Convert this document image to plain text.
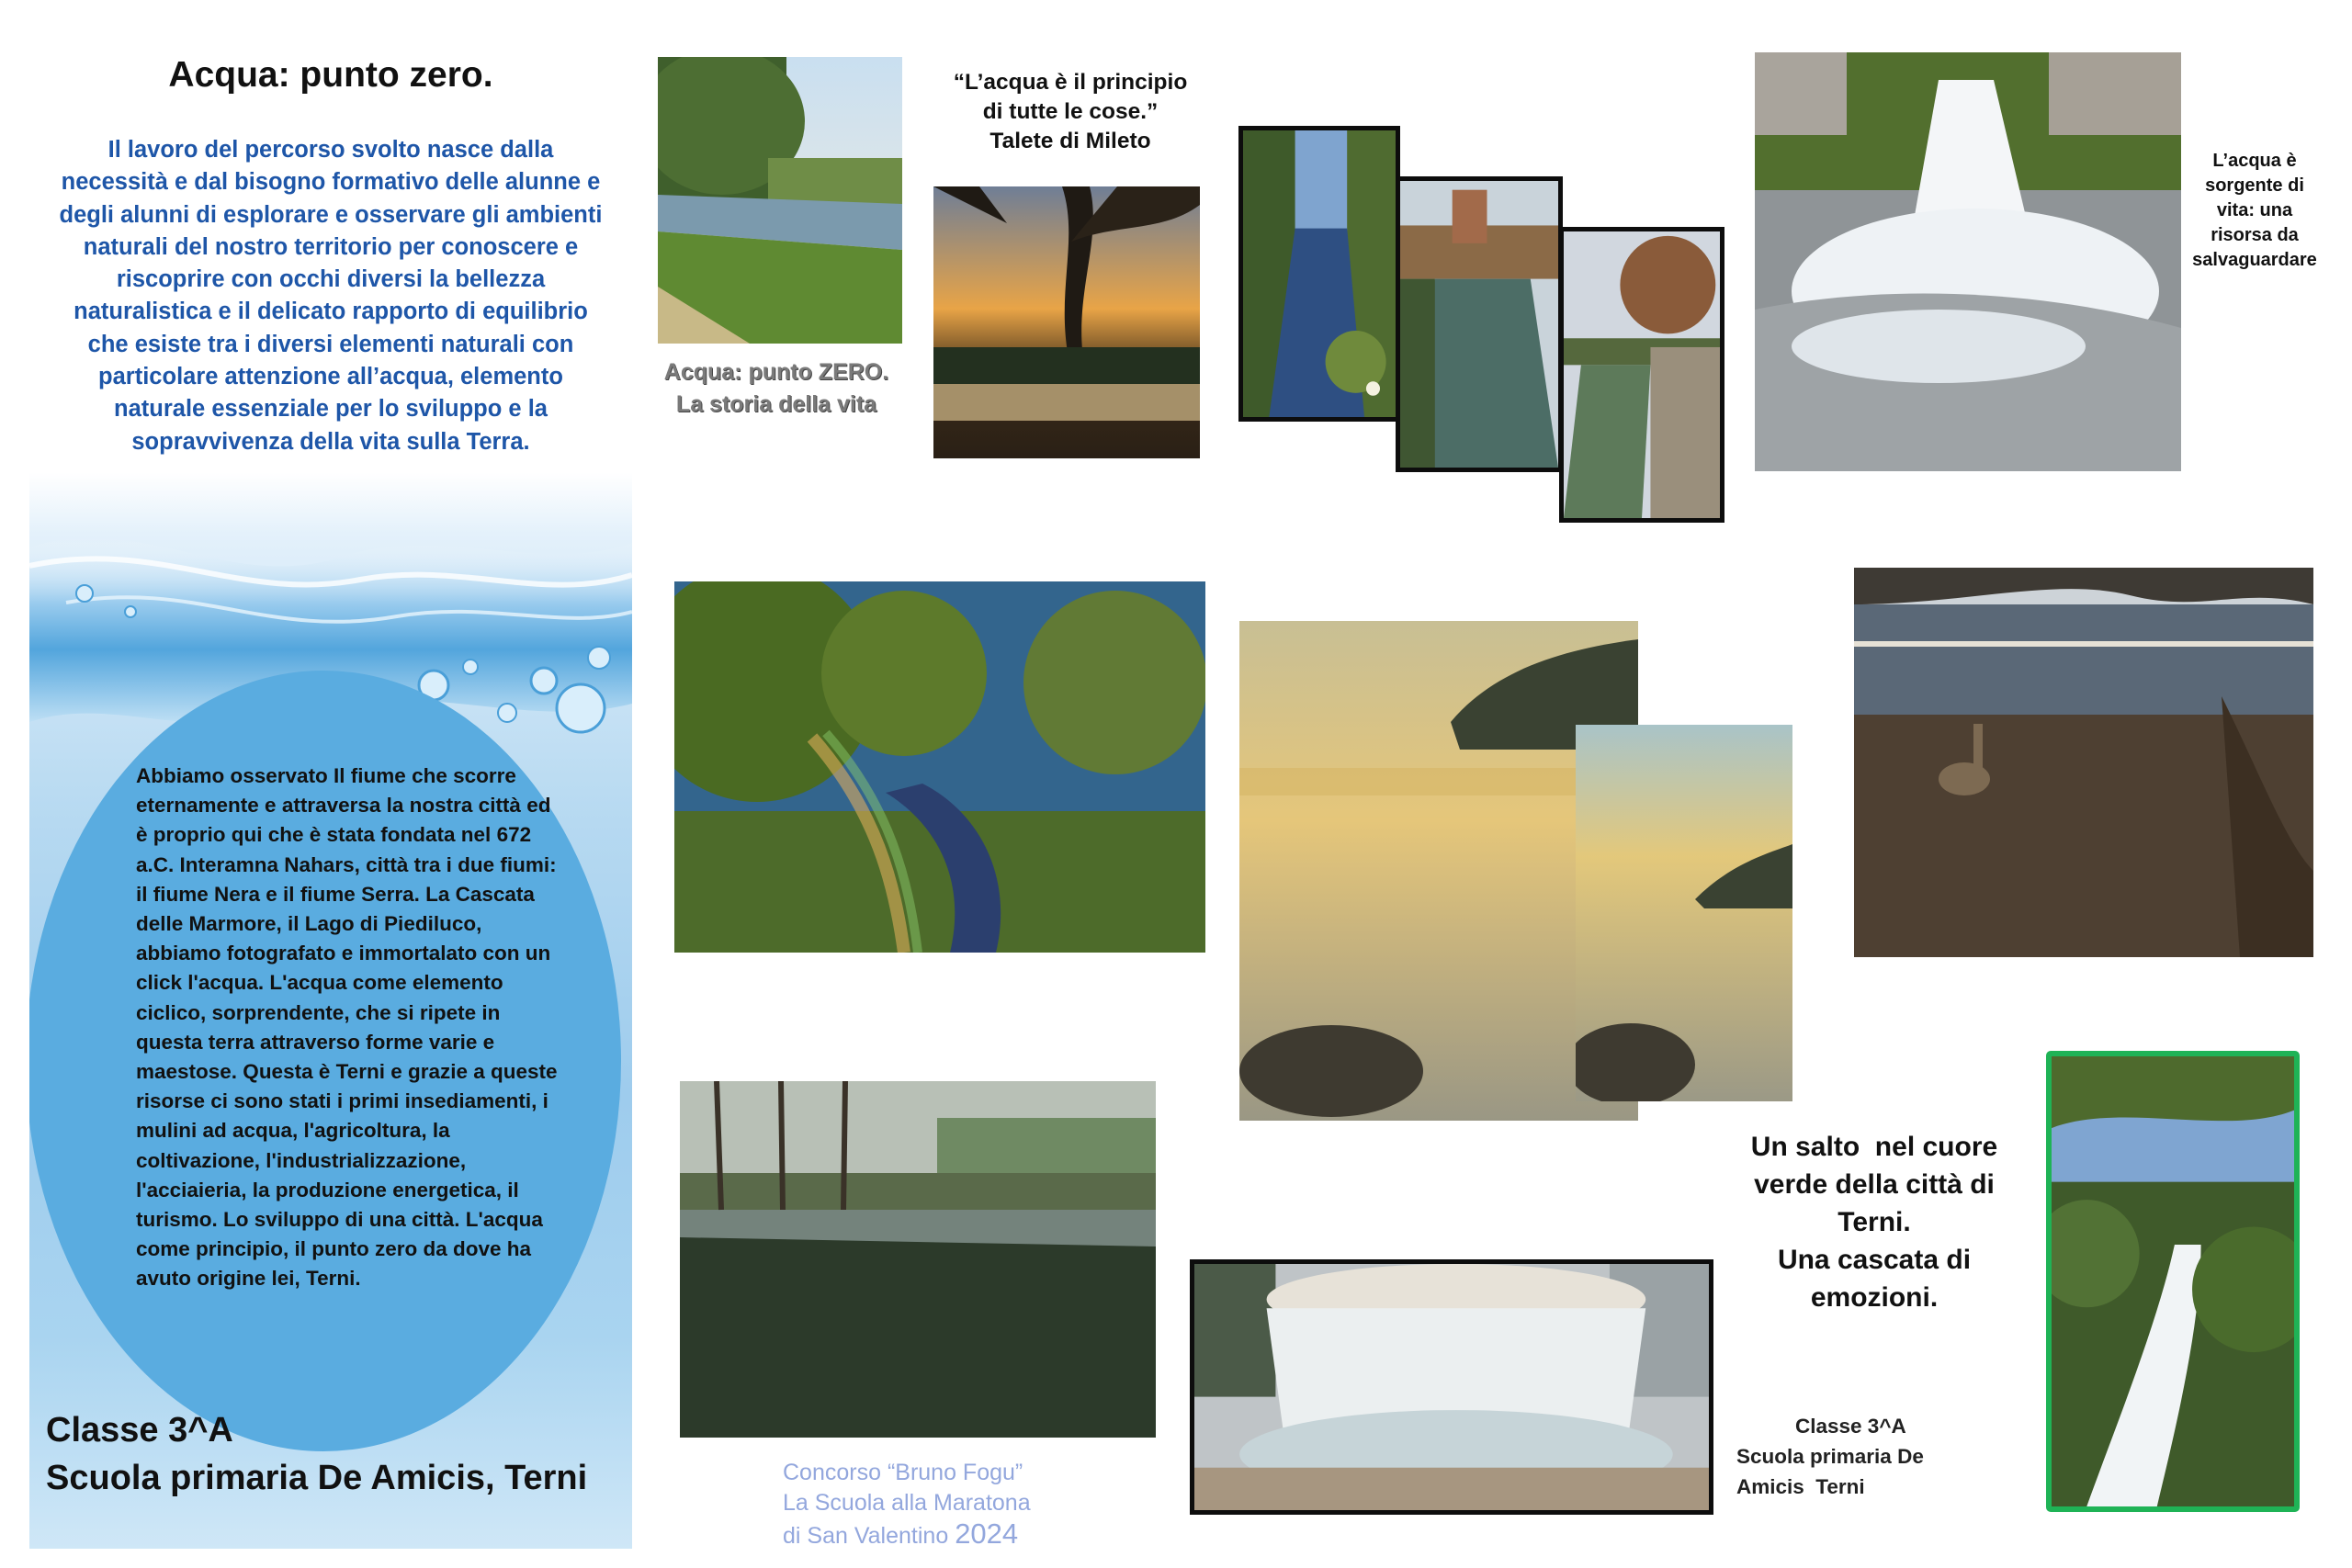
Acqua: punto zero.

Il lavoro del percorso svolto nasce dalla necessità e dal bisogno formativo delle alunne e degli alunni di esplorare e osservare gli ambienti naturali del nostro territorio per conoscere e riscoprire con occhi diversi la bellezza naturalistica e il delicato rapporto di equilibrio che esiste tra i diversi elementi naturali con particolare attenzione all’acqua, elemento naturale essenziale per lo sviluppo e la sopravvivenza della vita sulla Terra.

Abbiamo osservato Il fiume che scorre eternamente e attraversa la nostra città ed è proprio qui che è stata fondata nel 672 a.C. Interamna Nahars, città tra i due fiumi: il fiume Nera e il fiume Serra. La Cascata delle Marmore, il Lago di Piediluco, abbiamo fotografato e immortalato con un click l'acqua. L'acqua come elemento ciclico, sorprendente, che si ripete in questa terra attraverso forme varie e maestose. Questa è Terni e grazie a queste risorse ci sono stati i primi insediamenti, i mulini ad acqua, l'agricoltura, la coltivazione, l'industrializzazione, l'acciaieria, la produzione energetica, il turismo. Lo sviluppo di una città. L'acqua come principio, il punto zero da dove ha avuto origine lei, Terni.

Classe 3^A
Scuola primaria De Amicis, Terni

“L’acqua è il principio
di tutte le cose.”
Talete di Mileto

Acqua: punto ZERO.
La storia della vita

L’acqua è
sorgente di
vita: una
risorsa da
salvaguardare

Un salto  nel cuore
verde della città di
Terni.
Una cascata di
emozioni.

Classe 3^A
Scuola primaria De
Amicis  Terni

Concorso “Bruno Fogu”
La Scuola alla Maratona
di San Valentino 2024
